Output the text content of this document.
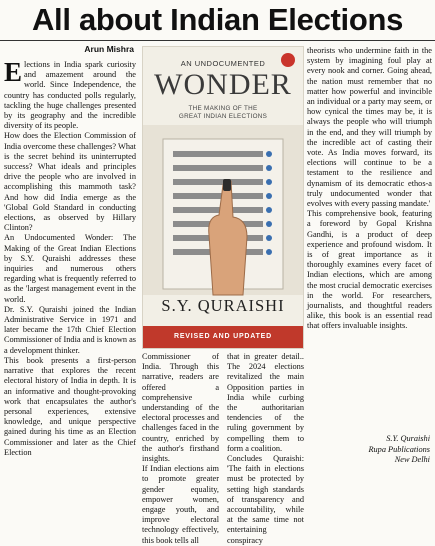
All about Indian Elections
Arun Mishra

Elections in India spark curiosity and amazement around the world. Since Independence, the country has conducted polls regularly, tackling the huge challenges presented by its geography and the incredible diversity of its people.

How does the Election Commission of India overcome these challenges? What is the secret behind its uninterrupted success? What ideals and principles drive the people who are involved in accomplishing this mammoth task? And how did India emerge as the 'Global Gold Standard in conducting elections, as observed by Hillary Clinton?

An Undocumented Wonder: The Making of the Great Indian Elections by S.Y. Quraishi addresses these inquiries and numerous others regarding what is frequently referred to as the 'largest management event in the world.

Dr. S.Y. Quraishi joined the Indian Administrative Service in 1971 and later became the 17th Chief Election Commissioner of India and is known as a development thinker.

This book presents a first-person narrative that explores the recent electoral history of India in depth. It is an informative and thought-provoking work that encapsulates the author's personal experiences, extensive knowledge, and unique perspective gained during his time as an Election Commissioner and later as the Chief Election

AN UNDOCUMENTED
WONDER
THE MAKING OF THE
GREAT INDIAN ELECTIONS
S.Y. QURAISHI
REVISED AND UPDATED

Commissioner of India. Through this narrative, readers are offered a comprehensive understanding of the electoral processes and challenges faced in the country, enriched by the author's firsthand insights.

If Indian elections aim to promote greater gender equality, empower women, engage youth, and improve electoral technology effectively, this book tells all

that in greater detail.. The 2024 elections revitalized the main Opposition parties in India while curbing the authoritarian tendencies of the ruling government by compelling them to form a coalition.

Concludes Quraishi: 'The faith in elections must be protected by setting high standards of transparency and accountability, while at the same time not entertaining conspiracy

theorists who undermine faith in the system by imagining foul play at every nook and corner. Going ahead, the nation must remember that no matter how powerful and invincible an individual or a party may seem, or how cynical the times may be, it is always the people who will triumph in the end, and they will triumph by the incredible act of casting their vote. As India moves forward, its elections will continue to be a testament to the resilience and dynamism of its democratic ethos-a truly undocumented wonder that evolves with every passing mandate.'

This comprehensive book, featuring a foreword by Gopal Krishna Gandhi, is a product of deep experience and profound wisdom. It is of great importance as it thoroughly examines every facet of Indian elections, which are among the most crucial democratic exercises in the world. For researchers, journalists, and thoughtful readers alike, this book is an essential read that offers invaluable insights.

S.Y. Quraishi
Rupa Publications
New Delhi
